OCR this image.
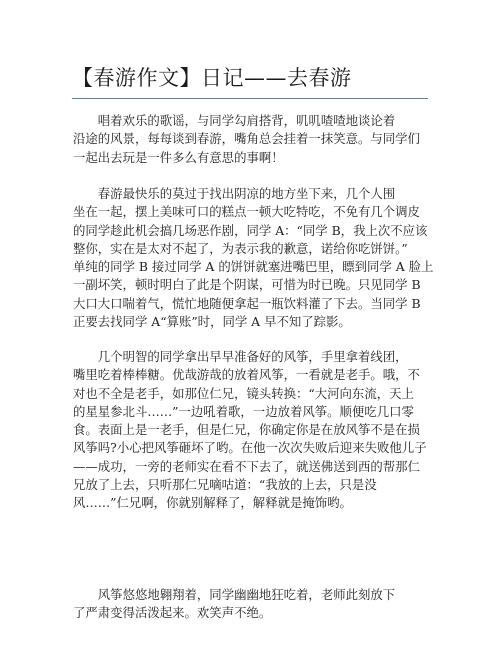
【春游作文】日记——去春游

唱着欢乐的歌谣，与同学勾肩搭背，叽叽喳喳地谈论着
沿途的风景，每每谈到春游，嘴角总会挂着一抹笑意。与同学们
一起出去玩是一件多么有意思的事啊！

春游最快乐的莫过于找出阴凉的地方坐下来，几个人围
坐在一起，摆上美味可口的糕点一顿大吃特吃，不免有几个调皮
的同学趁此机会搞几场恶作剧，同学 A：“同学 B，我上次不应该
整你，实在是太对不起了，为表示我的歉意，诺给你吃饼饼。”
单纯的同学 B 接过同学 A 的饼饼就塞进嘴巴里，瞟到同学 A 脸上
一副坏笑，顿时明白了此是个阴谋，可惜为时已晚。只见同学 B
大口大口喘着气，慌忙地随便拿起一瓶饮料灌了下去。当同学 B
正要去找同学 A“算账”时，同学 A 早不知了踪影。

几个明智的同学拿出早早准备好的风筝，手里拿着线团，
嘴里吃着棒棒糖。优哉游哉的放着风筝，一看就是老手。哦，不
对也不全是老手，如那位仁兄，镜头转换：“大河向东流，天上
的星星参北斗……”一边吼着歌，一边放着风筝。顺便吃几口零
食。表面上是一老手，但是仁兄，你确定你是在放风筝不是在损
风筝吗?小心把风筝砸坏了哟。在他一次次失败后迎来失败他儿子
——成功，一旁的老师实在看不下去了，就送佛送到西的帮那仁
兄放了上去，只听那仁兄嘀咕道：“我放的上去，只是没
风……”仁兄啊，你就别解释了，解释就是掩饰哟。

风筝悠悠地翱翔着，同学幽幽地狂吃着，老师此刻放下
了严肃变得活泼起来。欢笑声不绝。
